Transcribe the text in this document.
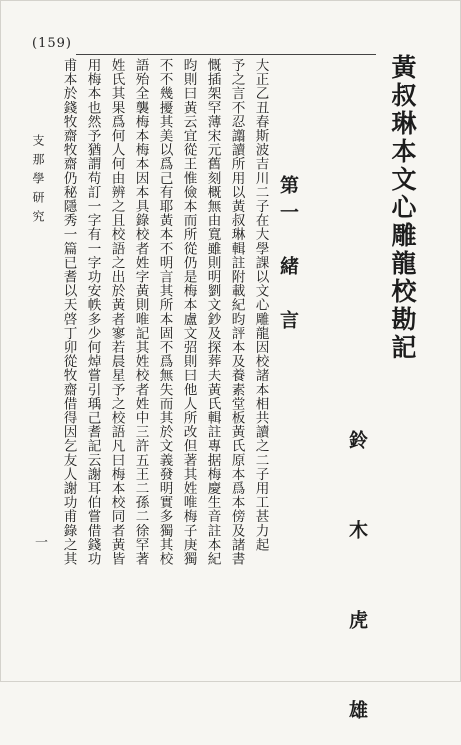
(159)
黃叔琳本文心雕龍校勘記
鈴　木　虎　雄
第一　緒　言
大正乙丑春斯波吉川二子在大學課以文心雕龍因校諸本相共讀之二子用工甚力起
予之言不忍譾讀所用以黃叔琳輯註附載紀昀評本及養素堂板黃氏原本爲本傍及諸書
慨插架罕薄宋元舊刻概無由寬雖則明劉文鈔及探葬夫黃氏輯註專据梅慶生音註本紀
昀則曰黃云宜從王惟儉本而所從仍是梅本盧文弨則曰他人所改但著其姓唯梅子庚獨
不不幾擾其美以爲己有耶黃本不明言其所本固不爲無失而其於文義發明實多獨其校
語殆全襲梅本梅本因本具錄校者姓字黃則唯記其姓校者姓中三許五王二孫二徐罕著
姓氏其果爲何人何由辨之且校語之出於黃者寥若晨星予之校語凡曰梅本校同者黃皆
用梅本也然予猶謂苟訂一字有一字功安帙多少何焯嘗引瑀己耆記云謝耳伯嘗借錢功
甫本於錢牧齋牧齋仍秘隱秀一篇已耆以天啓丁卯從牧齋借得因乞友人謝功甫錄之其
支那學研究
一
